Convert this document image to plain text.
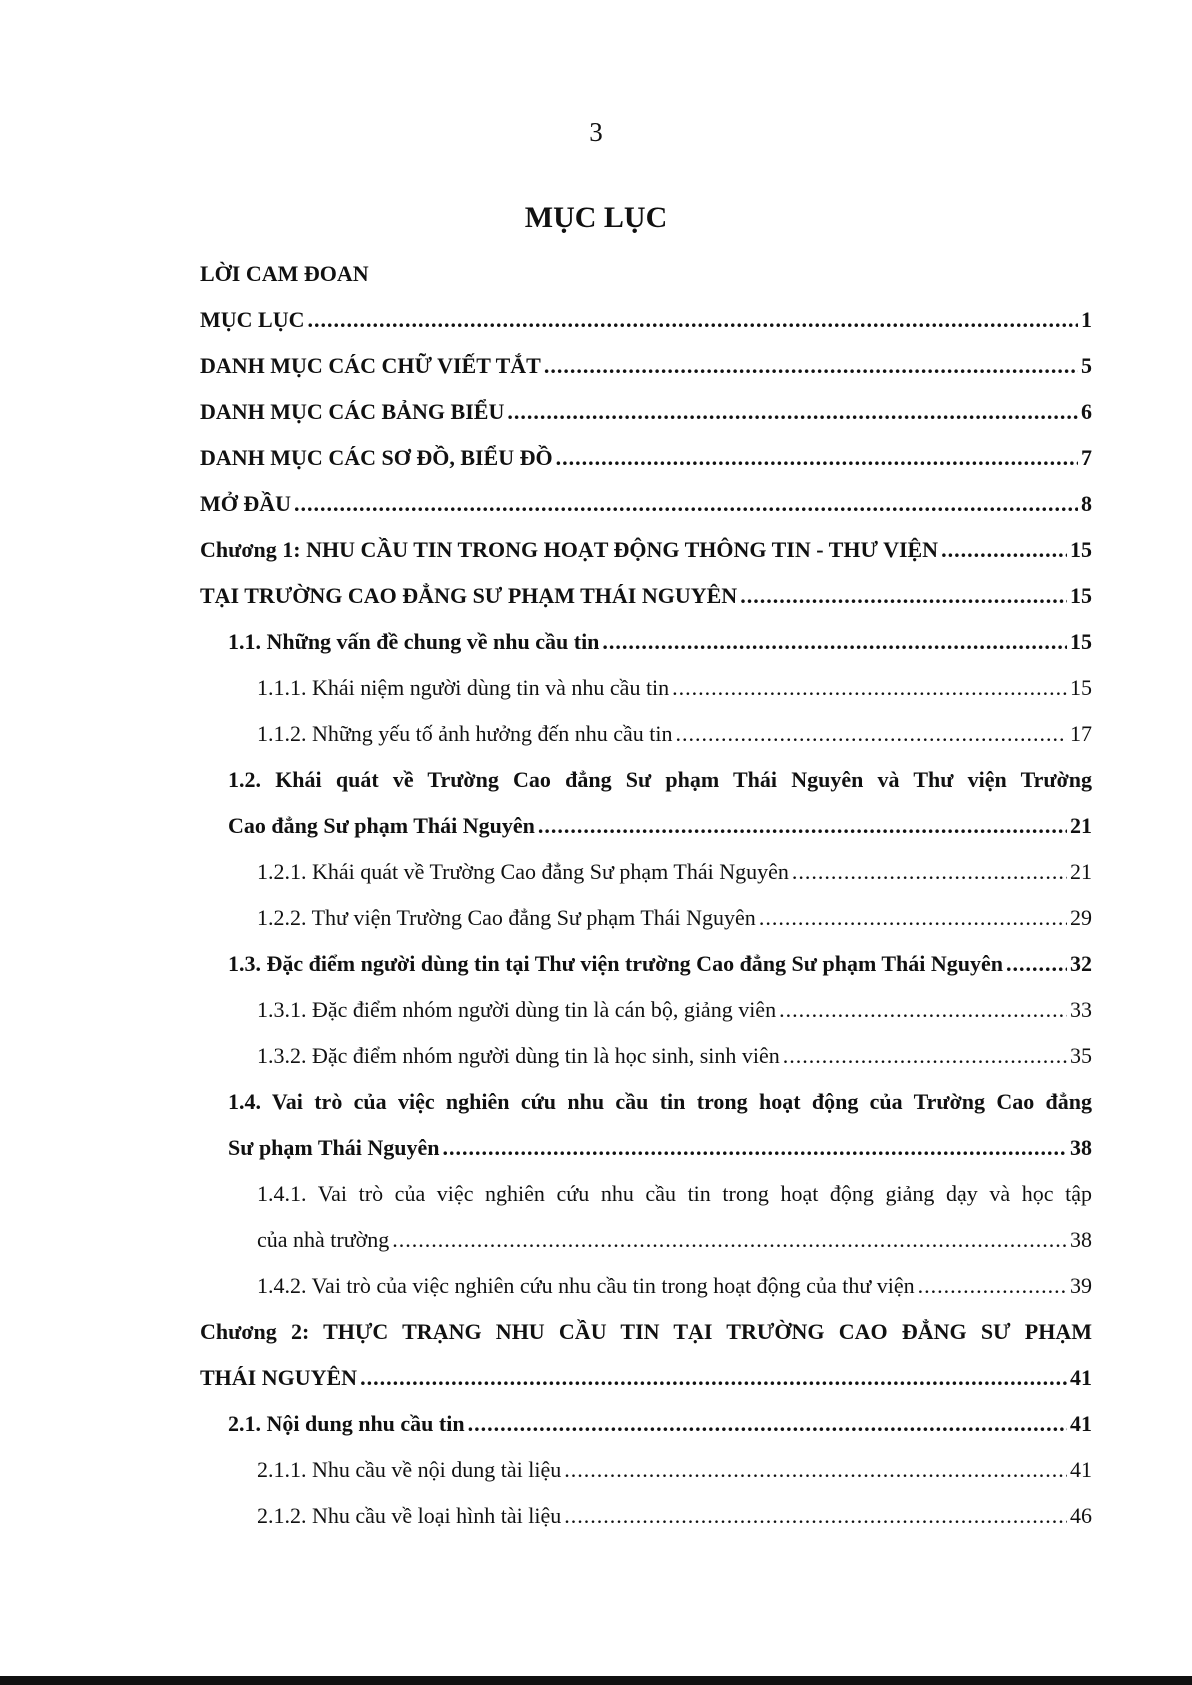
3
MỤC LỤC
LỜI CAM ĐOAN
MỤC LỤC .....	1
DANH MỤC CÁC CHỮ VIẾT TẮT .....	5
DANH MỤC CÁC BẢNG BIỂU .....	6
DANH MỤC CÁC SƠ ĐỒ, BIỂU ĐỒ .....	7
MỞ ĐẦU .....	8
Chương 1: NHU CẦU TIN TRONG HOẠT ĐỘNG THÔNG TIN - THƯ VIỆN .....	15
TẠI TRƯỜNG CAO ĐẲNG SƯ PHẠM THÁI NGUYÊN .....	15
1.1. Những vấn đề chung về nhu cầu tin .....	15
1.1.1. Khái niệm người dùng tin và nhu cầu tin .....	15
1.1.2. Những yếu tố ảnh hưởng đến nhu cầu tin .....	17
1.2. Khái quát về Trường Cao đẳng Sư phạm Thái Nguyên và Thư viện Trường
Cao đẳng Sư phạm Thái Nguyên .....	21
1.2.1. Khái quát về Trường Cao đẳng Sư phạm Thái Nguyên .....	21
1.2.2. Thư viện Trường Cao đẳng Sư phạm Thái Nguyên .....	29
1.3. Đặc điểm người dùng tin tại Thư viện trường Cao đẳng Sư phạm Thái Nguyên .....	32
1.3.1. Đặc điểm nhóm người dùng tin là cán bộ, giảng viên .....	33
1.3.2. Đặc điểm nhóm người dùng tin là học sinh, sinh viên .....	35
1.4. Vai trò của việc nghiên cứu nhu cầu tin trong hoạt động của Trường Cao đẳng
Sư phạm Thái Nguyên .....	38
1.4.1. Vai trò của việc nghiên cứu nhu cầu tin trong hoạt động giảng dạy và học tập
của nhà trường .....	38
1.4.2. Vai trò của việc nghiên cứu nhu cầu tin trong hoạt động của thư viện .....	39
Chương 2: THỰC TRẠNG NHU CẦU TIN TẠI TRƯỜNG CAO ĐẲNG SƯ PHẠM
THÁI NGUYÊN .....	41
2.1. Nội dung nhu cầu tin .....	41
2.1.1. Nhu cầu về nội dung tài liệu .....	41
2.1.2. Nhu cầu về loại hình tài liệu .....	46
